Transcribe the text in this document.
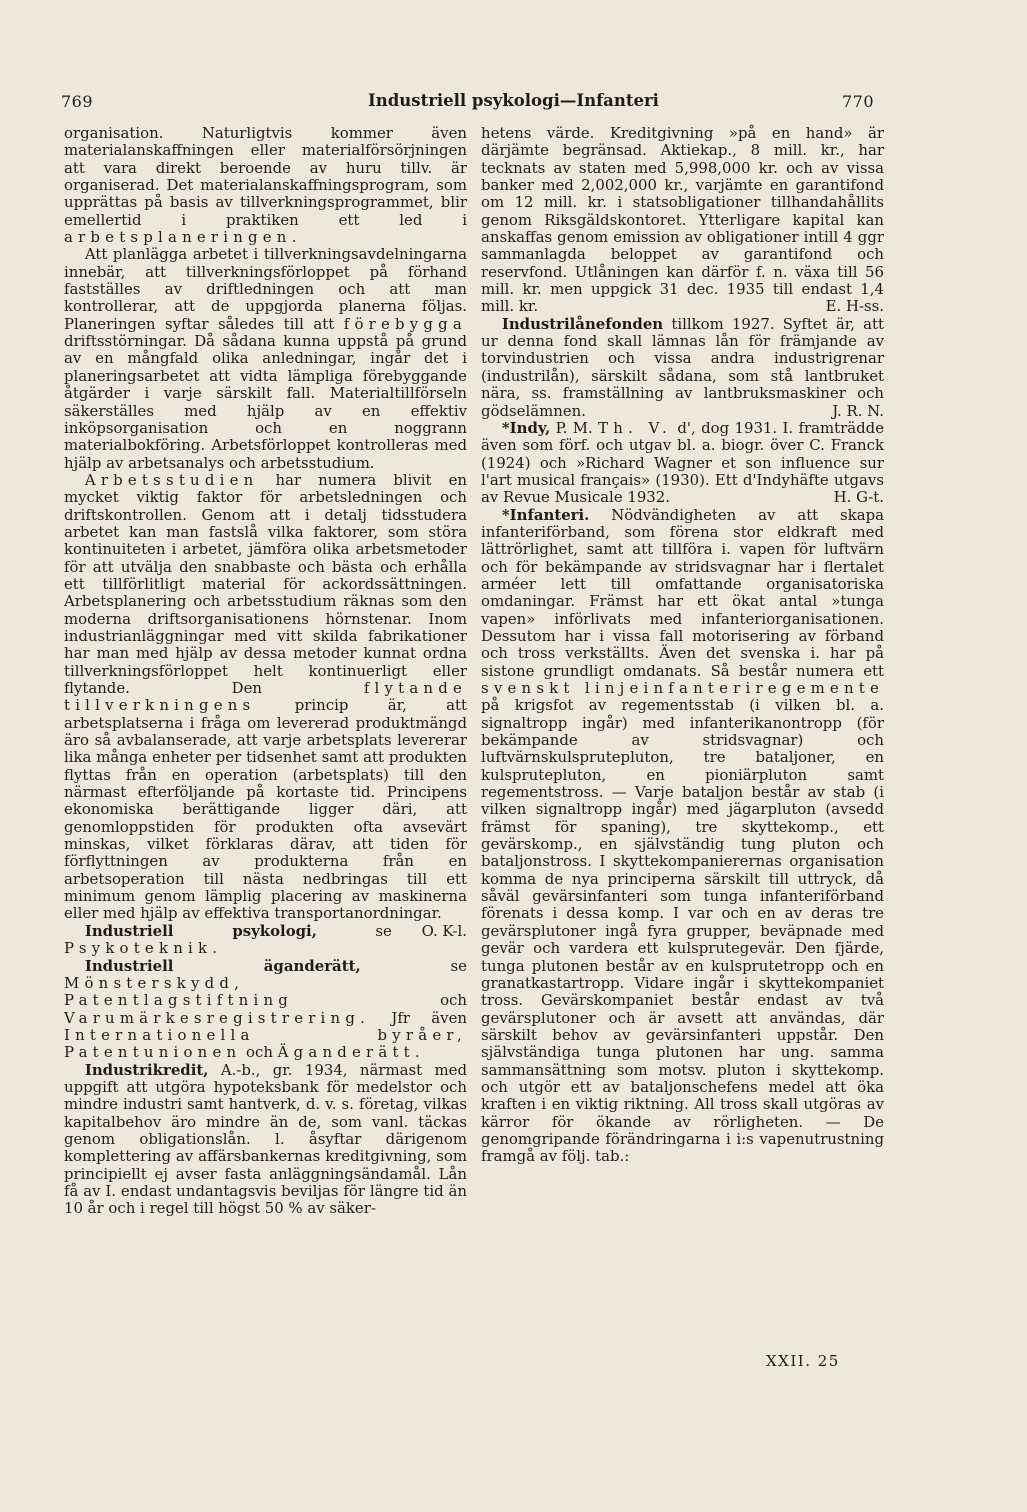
769	Industriell psykologi—Infanteri	770

organisation. Naturligtvis kommer även materialanskaffningen eller materialförsörjningen att vara direkt beroende av huru tillv. är organiserad. Det materialanskaffningsprogram, som upprättas på basis av tillverkningsprogrammet, blir emellertid i praktiken ett led i arbetsplaneringen.

Att planlägga arbetet i tillverkningsavdelningarna innebär, att tillverkningsförloppet på förhand fastställes av driftledningen och att man kontrollerar, att de uppgjorda planerna följas. Planeringen syftar således till att förebygga driftsstörningar. Då sådana kunna uppstå på grund av en mångfald olika anledningar, ingår det i planeringsarbetet att vidta lämpliga förebyggande åtgärder i varje särskilt fall. Materialtillförseln säkerställes med hjälp av en effektiv inköpsorganisation och en noggrann materialbokföring. Arbetsförloppet kontrolleras med hjälp av arbetsanalys och arbetsstudium.

Arbetsstudien har numera blivit en mycket viktig faktor för arbetsledningen och driftskontrollen. Genom att i detalj tidsstudera arbetet kan man fastslå vilka faktorer, som störa kontinuiteten i arbetet, jämföra olika arbetsmetoder för att utvälja den snabbaste och bästa och erhålla ett tillförlitligt material för ackordssättningen. Arbetsplanering och arbetsstudium räknas som den moderna driftsorganisationens hörnstenar. Inom industrianläggningar med vitt skilda fabrikationer har man med hjälp av dessa metoder kunnat ordna tillverkningsförloppet helt kontinuerligt eller flytande. Den	flytande tillverkningens	princip är, att arbetsplatserna i fråga om levererad produktmängd äro så avbalanserade, att varje arbetsplats levererar lika många enheter per tidsenhet samt att produkten flyttas från en operation (arbetsplats) till den närmast efterföljande på kortaste tid. Principens ekonomiska berättigande ligger däri, att genomloppstiden för produkten ofta avsevärt minskas, vilket förklaras därav, att tiden för förflyttningen av produkterna från en arbetsoperation till nästa nedbringas till ett minimum genom lämplig placering av maskinerna eller med hjälp av effektiva transportanordningar.
O. K-l.

Industriell psykologi,	se Psykoteknik.

Industriell äganderätt,	se Mönsterskydd, Patentlagstiftning	och Varumärkesregistrering. Jfr även Internationella byråer, Patentunionen och Äganderätt.

Industrikredit, A.-b., gr. 1934, närmast med uppgift att utgöra hypoteksbank för medelstor och mindre industri samt hantverk, d. v. s. företag, vilkas kapitalbehov äro mindre än de, som vanl. täckas genom obligationslån. l. åsyftar därigenom komplettering av affärsbankernas kreditgivning, som principiellt ej avser fasta anläggningsändamål. Lån få av I. endast undantagsvis beviljas för längre tid än 10 år och i regel till högst 50 % av säker-

hetens värde. Kreditgivning »på en hand» är därjämte begränsad. Aktiekap., 8 mill. kr., har tecknats av staten med 5,998,000 kr. och av vissa banker med 2,002,000 kr., varjämte en garantifond om 12 mill. kr. i statsobligationer tillhandahållits genom Riksgäldskontoret. Ytterligare kapital kan anskaffas genom emission av obligationer intill 4 ggr sammanlagda beloppet av garantifond och reservfond. Utlåningen kan därför f. n. växa till 56 mill. kr. men uppgick 31 dec. 1935 till endast 1,4 mill. kr.	E. H-ss.

Industrilånefonden tillkom 1927. Syftet är, att ur denna fond skall lämnas lån för främjande av torvindustrien och vissa andra industrigrenar (industrilån), särskilt sådana, som stå lantbruket nära, ss. framställning av lantbruksmaskiner och gödselämnen.	J. R. N.

*Indy, P. M. Th. V. d', dog 1931. I. framträdde även som förf. och utgav bl. a. biogr. över C. Franck (1924) och »Richard Wagner et son influence sur l'art musical français» (1930). Ett d'Indyhäfte utgavs av Revue Musicale 1932.	H. G-t.

*Infanteri. Nödvändigheten av att skapa infanteriförband, som förena stor eldkraft med lättrörlighet, samt att tillföra i. vapen för luftvärn och för bekämpande av stridsvagnar har i flertalet arméer lett till omfattande organisatoriska omdaningar. Främst har ett ökat antal »tunga vapen» införlivats med infanteriorganisationen. Dessutom har i vissa fall motorisering av förband och tross verkställts. Även det svenska i. har på sistone grundligt omdanats. Så består numera ett svenskt linjeinfanteriregemente på krigsfot av regementsstab (i vilken bl. a. signaltropp ingår) med infanterikanontropp (för bekämpande av stridsvagnar) och luftvärnskulsprutepluton, tre bataljoner, en kulsprutepluton, en pioniärpluton samt regementstross. — Varje bataljon består av stab (i vilken signaltropp ingår) med jägarpluton (avsedd främst för spaning), tre skyttekomp., ett gevärskomp., en självständig tung pluton och bataljonstross. I skyttekompanierernas organisation komma de nya principerna särskilt till uttryck, då såväl gevärsinfanteri som tunga infanteriförband förenats i dessa komp. I var och en av deras tre gevärsplutoner ingå fyra grupper, beväpnade med gevär och vardera ett kulsprutegevär. Den fjärde, tunga plutonen består av en kulsprutetropp och en granatkastartropp. Vidare ingår i skyttekompaniet tross. Gevärskompaniet består endast av två gevärsplutoner och är avsett att användas, där särskilt behov av gevärsinfanteri uppstår. Den självständiga tunga plutonen har ung. samma sammansättning som motsv. pluton i skyttekomp. och utgör ett av bataljonschefens medel att öka kraften i en viktig riktning. All tross skall utgöras av kärror för ökande av rörligheten. — De genomgripande förändringarna i i:s vapenutrustning framgå av följ. tab.:

XXII. 25
